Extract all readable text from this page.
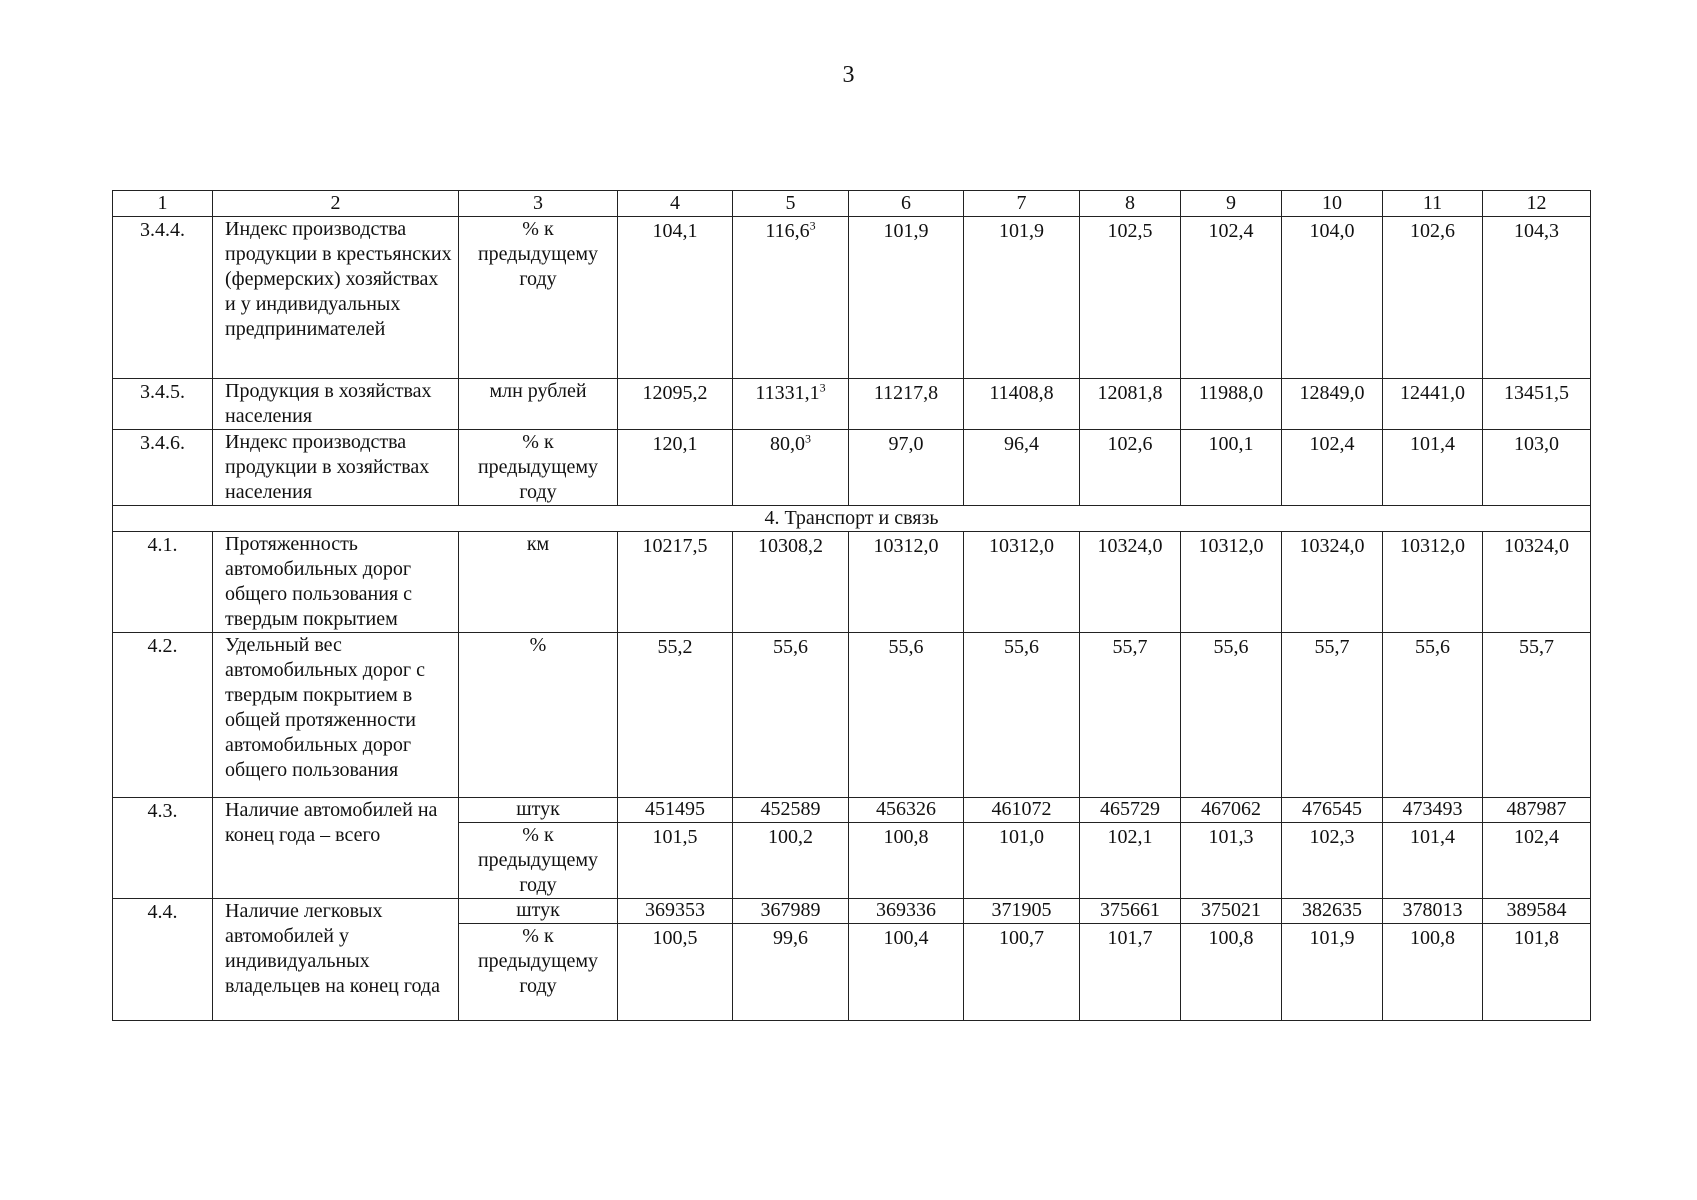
3
1	2	3	4	5	6	7	8	9	10	11	12
3.4.4.	Индекс производства продукции в крестьянских (фермерских) хозяйствах и у индивидуальных предпринимателей	% к предыдущему году	104,1	116,6$^3$	101,9	101,9	102,5	102,4	104,0	102,6	104,3
3.4.5.	Продукция в хозяйствах населения	млн рублей	12095,2	11331,1$^3$	11217,8	11408,8	12081,8	11988,0	12849,0	12441,0	13451,5
3.4.6.	Индекс производства продукции в хозяйствах населения	% к предыдущему году	120,1	80,0$^3$	97,0	96,4	102,6	100,1	102,4	101,4	103,0
4. Транспорт и связь											
4.1.	Протяженность автомобильных дорог общего пользования с твердым покрытием	км	10217,5	10308,2	10312,0	10312,0	10324,0	10312,0	10324,0	10312,0	10324,0
4.2.	Удельный вес автомобильных дорог с твердым покрытием в общей протяженности автомобильных дорог общего пользования	%	55,2	55,6	55,6	55,6	55,7	55,6	55,7	55,6	55,7
4.3.	Наличие автомобилей на конец года – всего	штук	451495	452589	456326	461072	465729	467062	476545	473493	487987
		% к предыдущему году	101,5	100,2	100,8	101,0	102,1	101,3	102,3	101,4	102,4
4.4.	Наличие легковых автомобилей у индивидуальных владельцев на конец года	штук	369353	367989	369336	371905	375661	375021	382635	378013	389584
		% к предыдущему году	100,5	99,6	100,4	100,7	101,7	100,8	101,9	100,8	101,8
